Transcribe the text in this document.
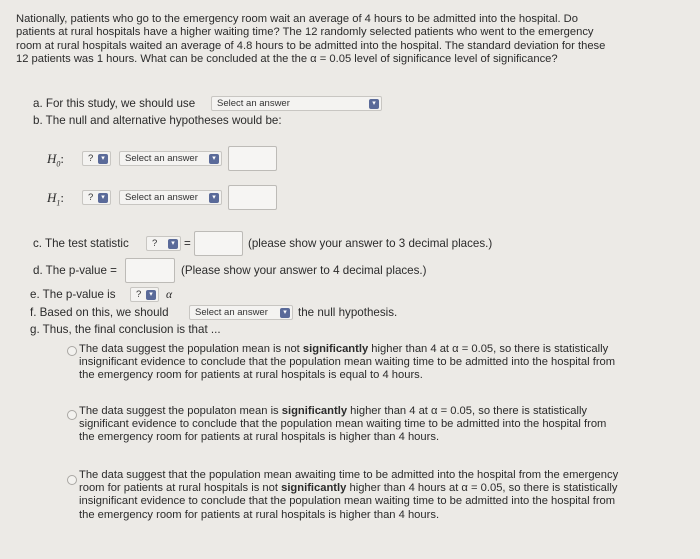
Nationally, patients who go to the emergency room wait an average of 4 hours to be admitted into the hospital. Do patients at rural hospitals have a higher waiting time? The 12 randomly selected patients who went to the emergency room at rural hospitals waited an average of 4.8 hours to be admitted into the hospital. The standard deviation for these 12 patients was 1 hours. What can be concluded at the the α = 0.05 level of significance level of significance?
a. For this study, we should use	Select an answer	▾
b. The null and alternative hypotheses would be:
$H_0$:	?	▾	Select an answer	▾
$H_1$:	?	▾	Select an answer	▾
c. The test statistic	?	▾ =	(please show your answer to 3 decimal places.)
d. The p-value =	(Please show your answer to 4 decimal places.)
e. The p-value is	?	▾ α
f. Based on this, we should	Select an answer	▾ the null hypothesis.
g. Thus, the final conclusion is that ...
The data suggest the population mean is not significantly higher than 4 at α = 0.05, so there is statistically insignificant evidence to conclude that the population mean waiting time to be admitted into the hospital from the emergency room for patients at rural hospitals is equal to 4 hours.
The data suggest the populaton mean is significantly higher than 4 at α = 0.05, so there is statistically significant evidence to conclude that the population mean waiting time to be admitted into the hospital from the emergency room for patients at rural hospitals is higher than 4 hours.
The data suggest that the population mean awaiting time to be admitted into the hospital from the emergency room for patients at rural hospitals is not significantly higher than 4 hours at α = 0.05, so there is statistically insignificant evidence to conclude that the population mean waiting time to be admitted into the hospital from the emergency room for patients at rural hospitals is higher than 4 hours.
